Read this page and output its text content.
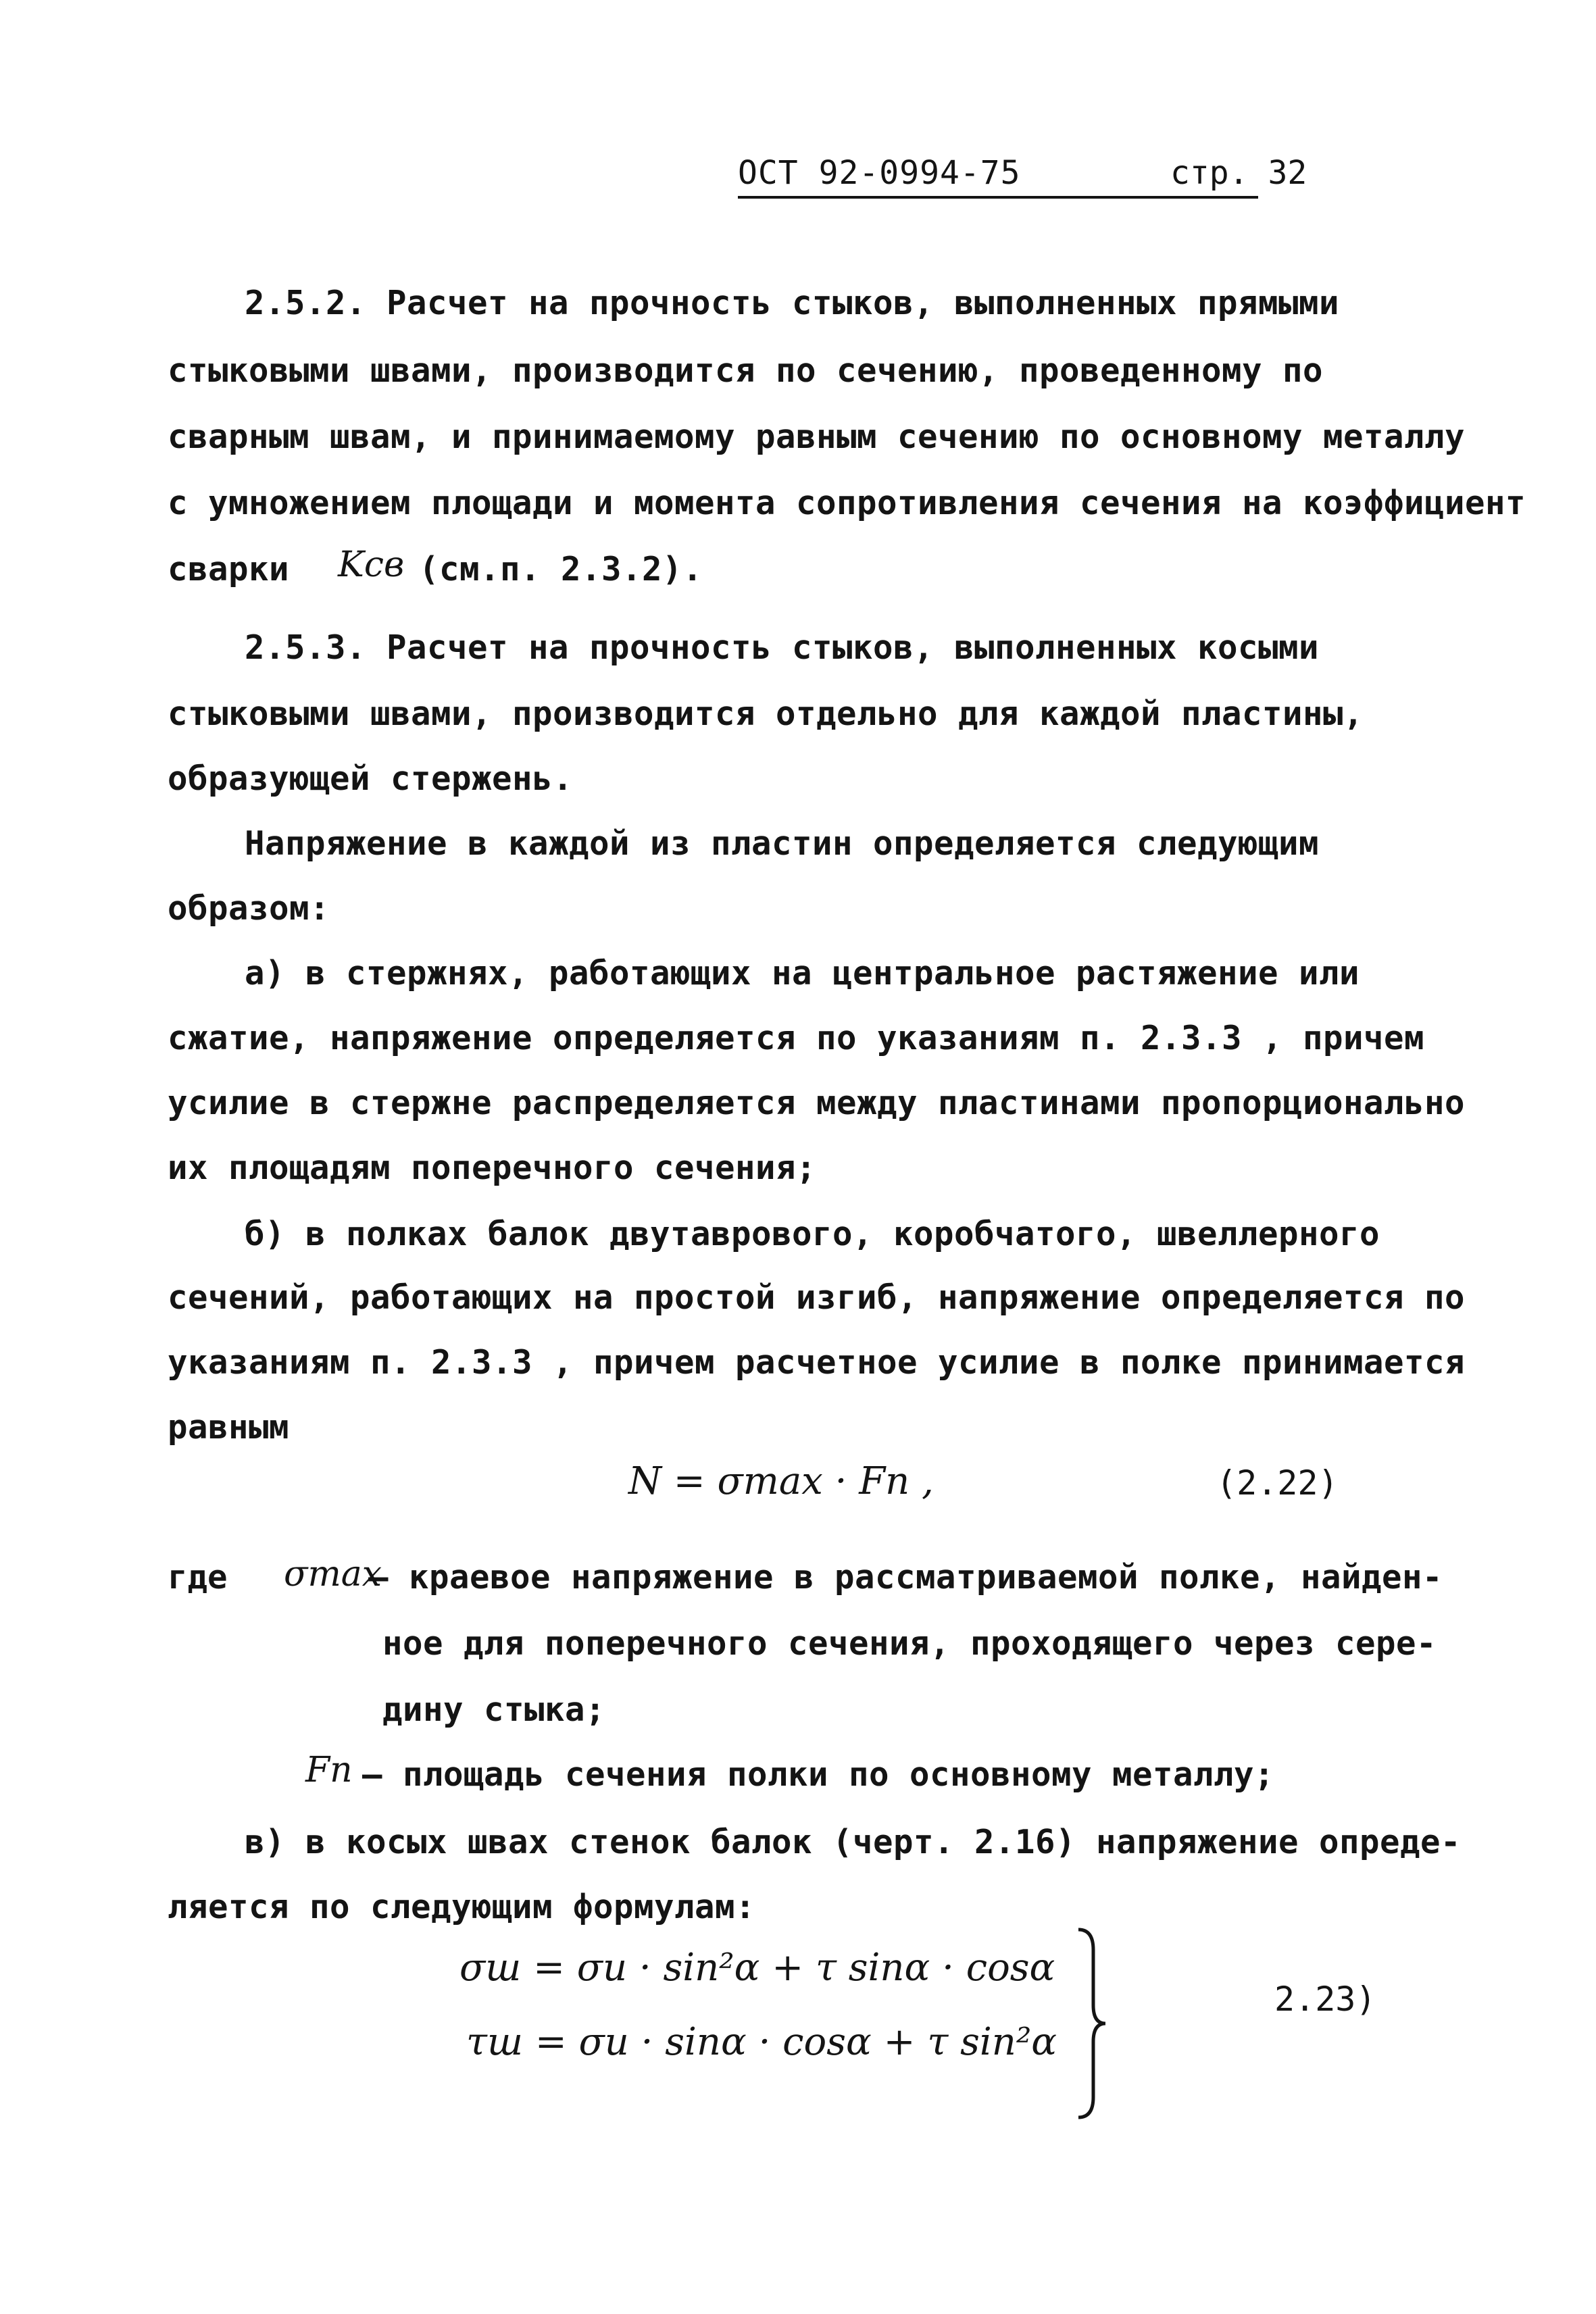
ОСТ 92-0994-75	стр. 32
2.5.2. Расчет на прочность стыков, выполненных прямыми
стыковыми швами, производится по сечению, проведенному по
сварным швам, и принимаемому равным сечению по основному металлу
с умножением площади и момента сопротивления сечения на коэффициент
сварки Kсв (см.п. 2.3.2).
2.5.3. Расчет на прочность стыков, выполненных косыми
стыковыми швами, производится отдельно для каждой пластины,
образующей стержень.
Напряжение в каждой из пластин определяется следующим
образом:
а) в стержнях, работающих на центральное растяжение или
сжатие, напряжение определяется по указаниям п. 2.3.3 , причем
усилие в стержне распределяется между пластинами пропорционально
их площадям поперечного сечения;
б) в полках балок двутаврового, коробчатого, швеллерного
сечений, работающих на простой изгиб, напряжение определяется по
указаниям п. 2.3.3 , причем расчетное усилие в полке принимается
равным
N = σmax · Fп ,	(2.22)
где σmax
– краевое напряжение в рассматриваемой полке, найден-
ное для поперечного сечения, проходящего через сере-
дину стыка;
Fп – площадь сечения полки по основному металлу;
в) в косых швах стенок балок (черт. 2.16) напряжение опреде-
ляется по следующим формулам:
σш = σи · sin²α + τ sinα · cosα
τш = σи · sinα · cosα + τ sin²α
2.23)
